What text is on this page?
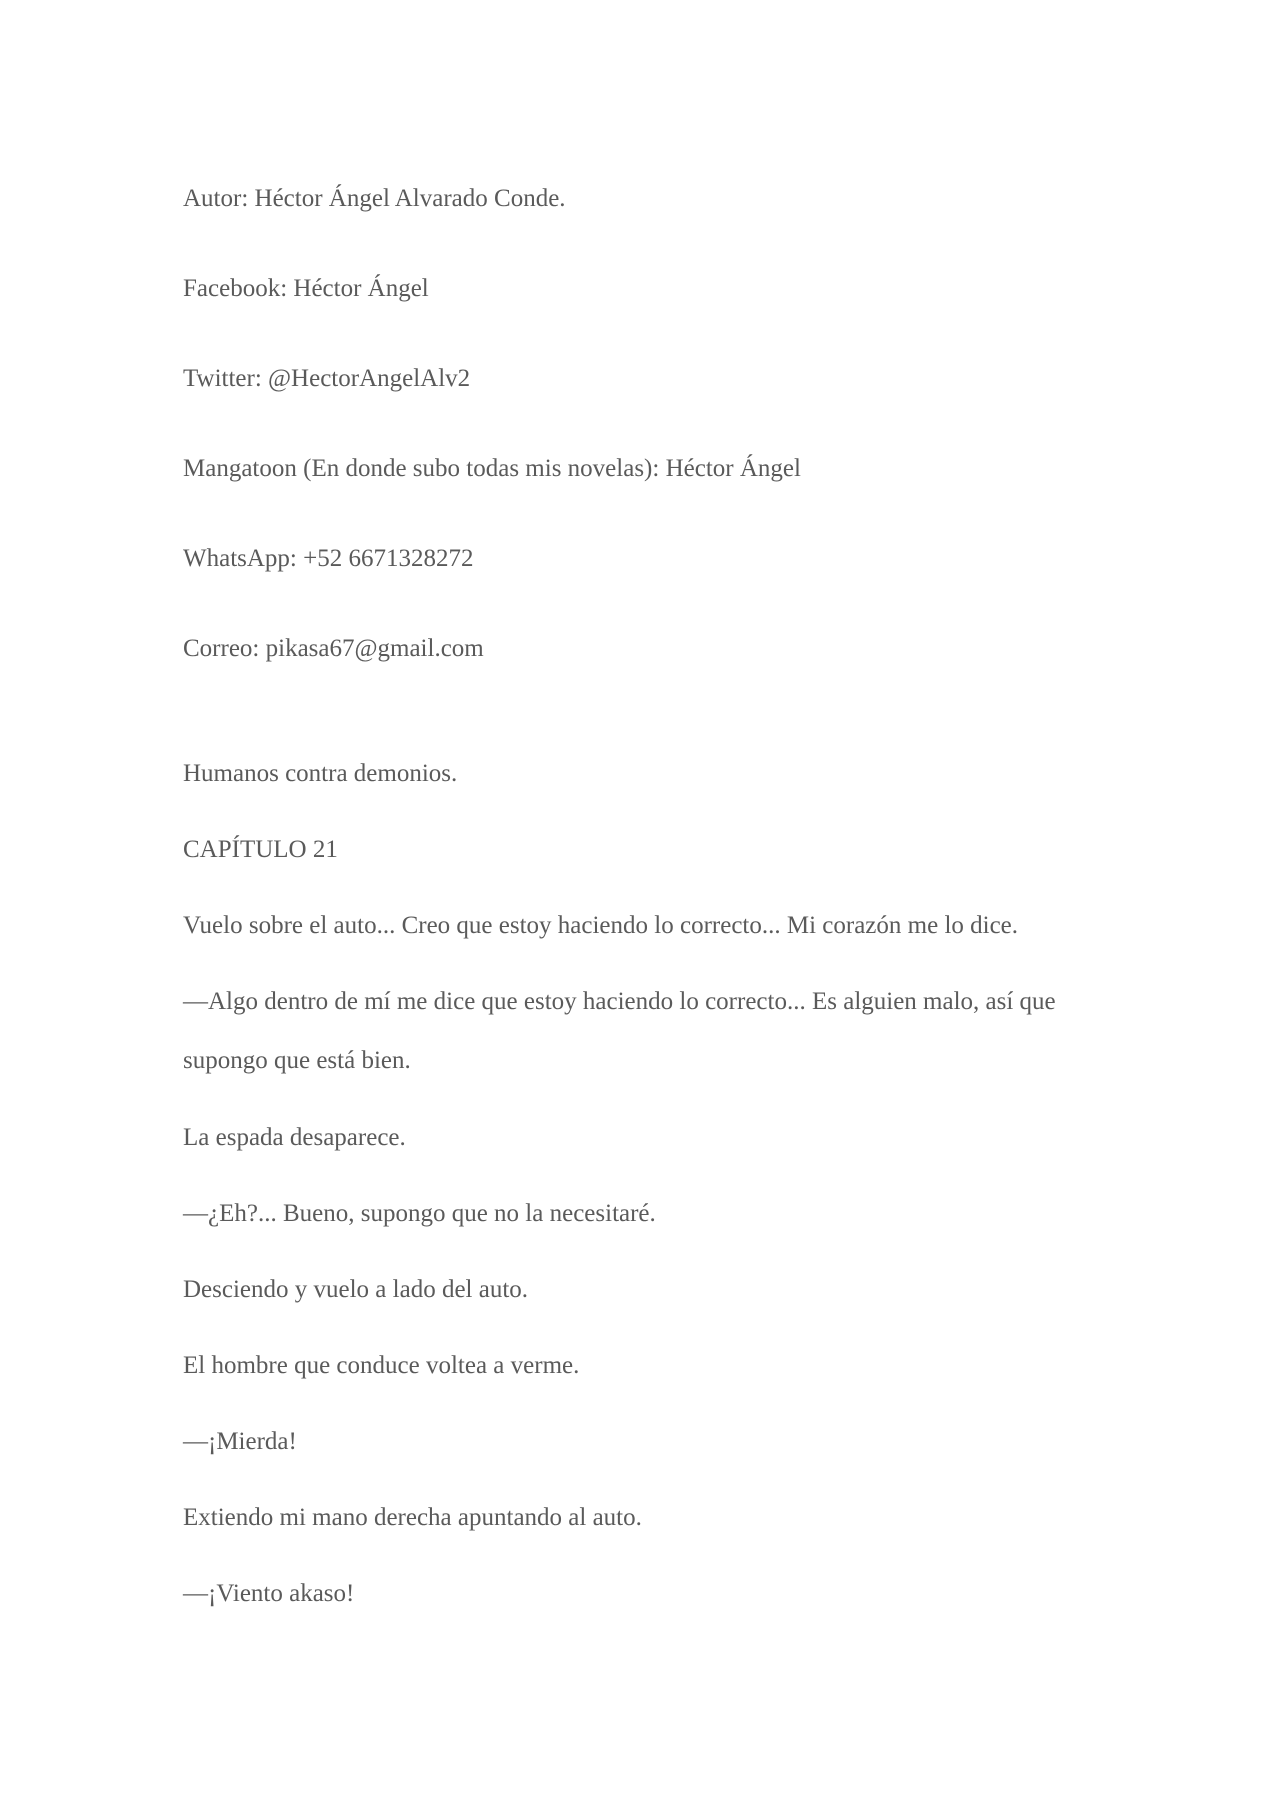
Autor: Héctor Ángel Alvarado Conde.

Facebook: Héctor Ángel

Twitter: @HectorAngelAlv2

Mangatoon (En donde subo todas mis novelas): Héctor Ángel

WhatsApp: +52 6671328272

Correo: pikasa67@gmail.com

Humanos contra demonios.

CAPÍTULO 21

Vuelo sobre el auto... Creo que estoy haciendo lo correcto... Mi corazón me lo dice.

—Algo dentro de mí me dice que estoy haciendo lo correcto... Es alguien malo, así que

supongo que está bien.

La espada desaparece.

—¿Eh?... Bueno, supongo que no la necesitaré.

Desciendo y vuelo a lado del auto.

El hombre que conduce voltea a verme.

—¡Mierda!

Extiendo mi mano derecha apuntando al auto.

—¡Viento akaso!
